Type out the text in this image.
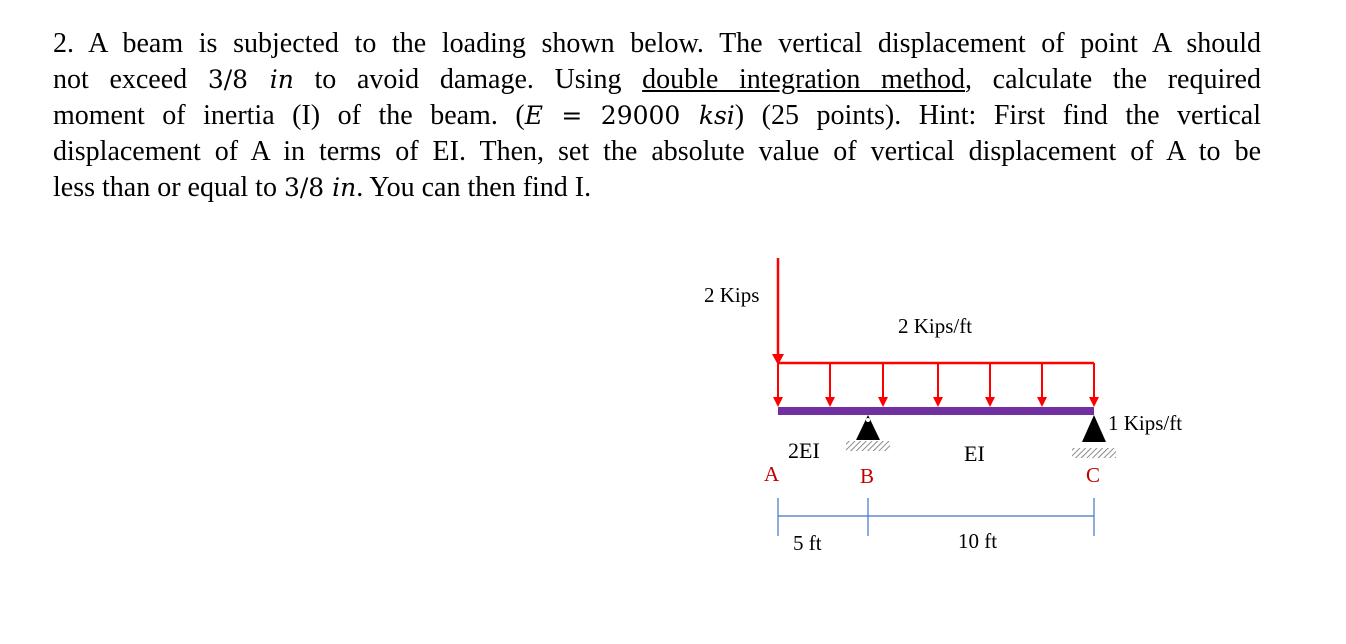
2. A beam is subjected to the loading shown below. The vertical displacement of point A should
not exceed 3/8 in to avoid damage. Using double integration method, calculate the required
moment of inertia (I) of the beam. (E = 29000 ksi) (25 points). Hint: First find the vertical
displacement of A in terms of EI. Then, set the absolute value of vertical displacement of A to be
less than or equal to 3/8 in. You can then find I.
2 Kips
2 Kips/ft
1 Kips/ft
2EI	EI
A	B	C
5 ft	10 ft
